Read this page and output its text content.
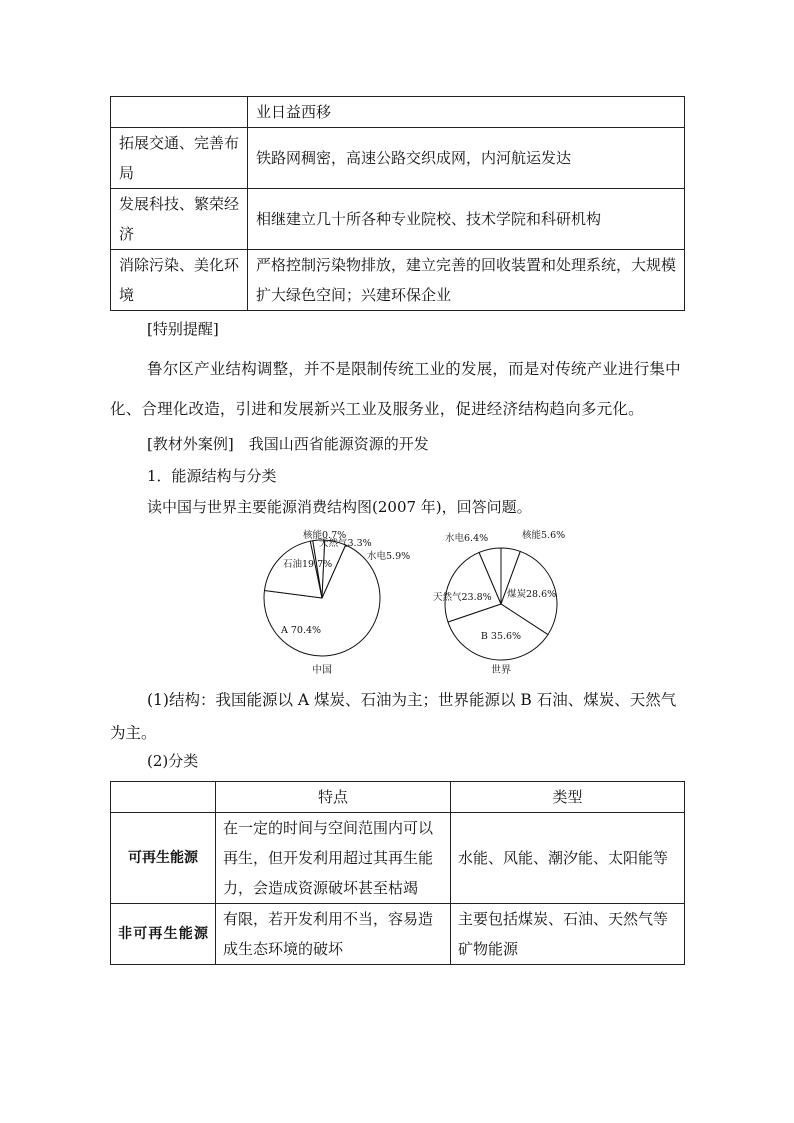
	业日益西移
拓展交通、完善布局	铁路网稠密，高速公路交织成网，内河航运发达
发展科技、繁荣经济	相继建立几十所各种专业院校、技术学院和科研机构
消除污染、美化环境	严格控制污染物排放，建立完善的回收装置和处理系统，大规模扩大绿色空间；兴建环保企业
[特别提醒]
鲁尔区产业结构调整，并不是限制传统工业的发展，而是对传统产业进行集中化、合理化改造，引进和发展新兴工业及服务业，促进经济结构趋向多元化。
[教材外案例]　我国山西省能源资源的开发
1．能源结构与分类
读中国与世界主要能源消费结构图(2007 年)，回答问题。
A 70.4%
石油19.7%
核能0.7%
天然气3.3%
水电5.9%
中国
核能5.6%
煤炭28.6%
B 35.6%
天然气23.8%
水电6.4%
世界
(1)结构：我国能源以 A 煤炭、石油为主；世界能源以 B 石油、煤炭、天然气为主。
(2)分类
	特点	类型
可再生能源	在一定的时间与空间范围内可以再生，但开发利用超过其再生能力，会造成资源破坏甚至枯竭	水能、风能、潮汐能、太阳能等
非可再生能源	有限，若开发利用不当，容易造成生态环境的破坏	主要包括煤炭、石油、天然气等矿物能源
